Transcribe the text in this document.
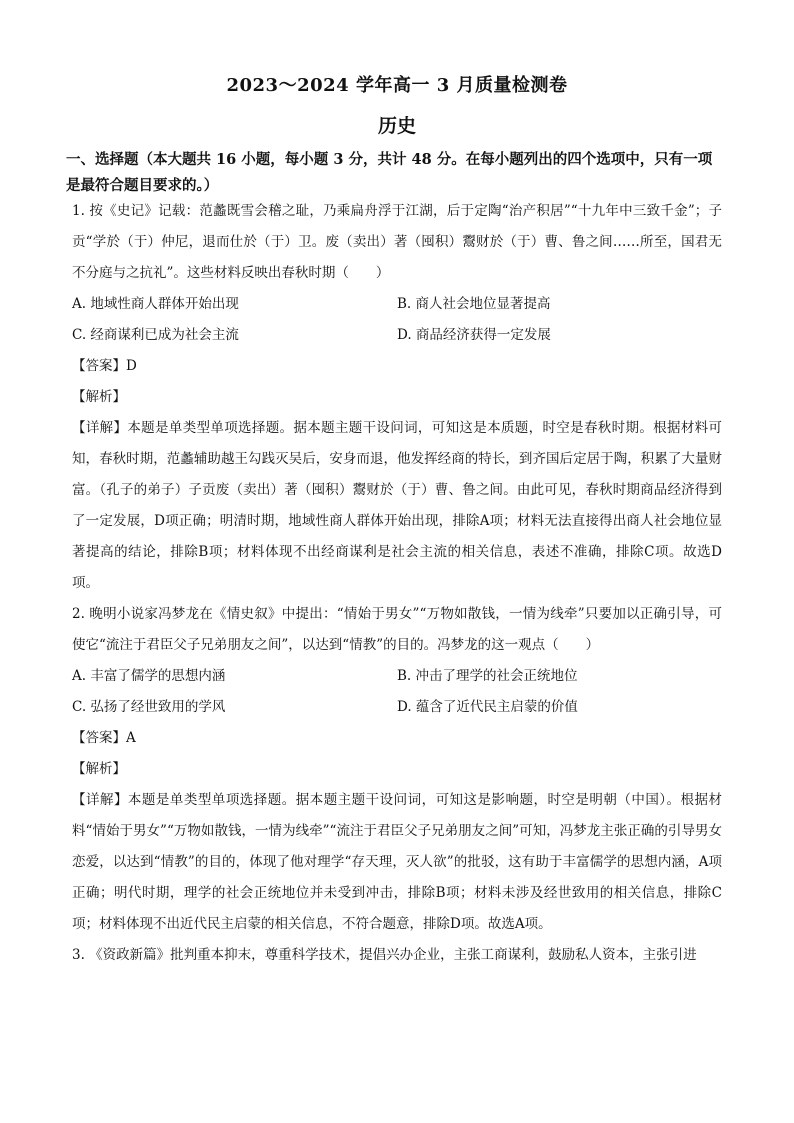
2023～2024 学年高一 3 月质量检测卷
历史
一、选择题（本大题共 16 小题，每小题 3 分，共计 48 分。在每小题列出的四个选项中，只有一项是最符合题目要求的。）

1. 按《史记》记载：范蠡既雪会稽之耻，乃乘扁舟浮于江湖，后于定陶“治产积居”“十九年中三致千金”；子贡“学於（于）仲尼，退而仕於（于）卫。废（卖出）著（囤积）鬻财於（于）曹、鲁之间……所至，国君无不分庭与之抗礼”。这些材料反映出春秋时期（　　）

A. 地域性商人群体开始出现	B. 商人社会地位显著提高
C. 经商谋利已成为社会主流	D. 商品经济获得一定发展

【答案】D

【解析】

【详解】本题是单类型单项选择题。据本题主题干设问词，可知这是本质题，时空是春秋时期。根据材料可知，春秋时期，范蠡辅助越王勾践灭吴后，安身而退，他发挥经商的特长，到齐国后定居于陶，积累了大量财富。（孔子的弟子）子贡废（卖出）著（囤积）鬻财於（于）曹、鲁之间。由此可见，春秋时期商品经济得到了一定发展，D项正确；明清时期，地域性商人群体开始出现，排除A项；材料无法直接得出商人社会地位显著提高的结论，排除B项；材料体现不出经商谋利是社会主流的相关信息，表述不准确，排除C项。故选D项。

2. 晚明小说家冯梦龙在《情史叙》中提出：“情始于男女”“万物如散钱，一情为线牵”只要加以正确引导，可使它“流注于君臣父子兄弟朋友之间”，以达到“情教”的目的。冯梦龙的这一观点（　　）

A. 丰富了儒学的思想内涵	B. 冲击了理学的社会正统地位
C. 弘扬了经世致用的学风	D. 蕴含了近代民主启蒙的价值

【答案】A

【解析】

【详解】本题是单类型单项选择题。据本题主题干设问词，可知这是影响题，时空是明朝（中国）。根据材料“情始于男女”“万物如散钱，一情为线牵”“流注于君臣父子兄弟朋友之间”可知，冯梦龙主张正确的引导男女恋爱，以达到“情教”的目的，体现了他对理学“存天理，灭人欲”的批驳，这有助于丰富儒学的思想内涵，A项正确；明代时期，理学的社会正统地位并未受到冲击，排除B项；材料未涉及经世致用的相关信息，排除C项；材料体现不出近代民主启蒙的相关信息，不符合题意，排除D项。故选A项。

3. 《资政新篇》批判重本抑末，尊重科学技术，提倡兴办企业，主张工商谋利，鼓励私人资本，主张引进
